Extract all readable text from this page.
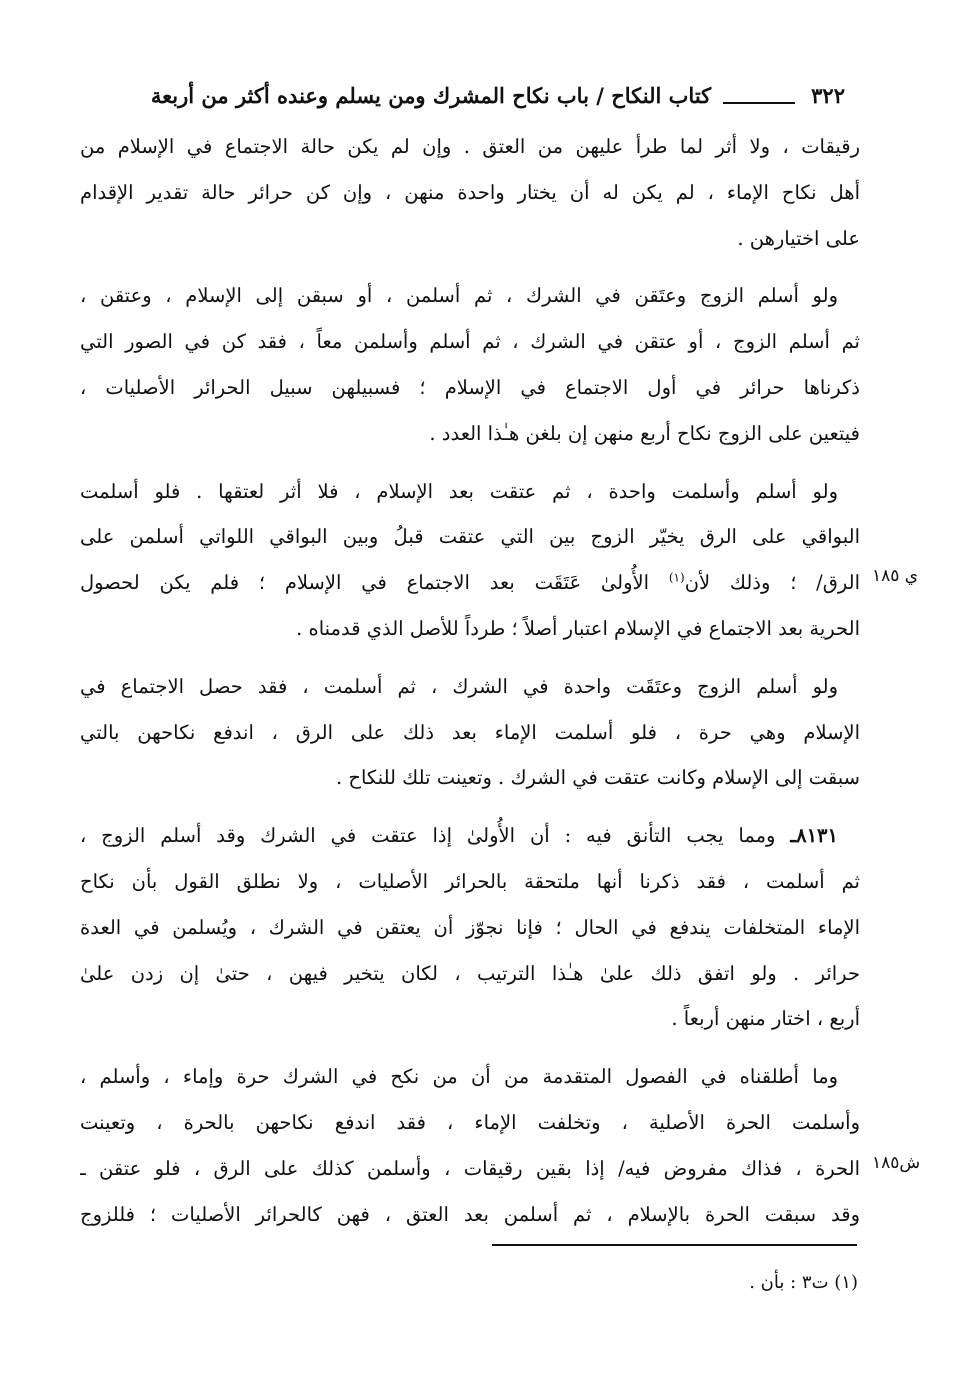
٣٢٢
كتاب النكاح / باب نكاح المشرك ومن يسلم وعنده أكثر من أربعة
رقيقات ، ولا أثر لما طرأ عليهن من العتق . وإن لم يكن حالة الاجتماع في الإسلام من
أهل نكاح الإماء ، لم يكن له أن يختار واحدة منهن ، وإن كن حرائر حالة تقدير الإقدام
على اختيارهن .
ولو أسلم الزوج وعتَقن في الشرك ، ثم أسلمن ، أو سبقن إلى الإسلام ، وعتقن ،
ثم أسلم الزوج ، أو عتقن في الشرك ، ثم أسلم وأسلمن معاً ، فقد كن في الصور التي
ذكرناها حرائر في أول الاجتماع في الإسلام ؛ فسبيلهن سبيل الحرائر الأصليات ،
فيتعين على الزوج نكاح أربع منهن إن بلغن هـٰذا العدد .
ولو أسلم وأسلمت واحدة ، ثم عتقت بعد الإسلام ، فلا أثر لعتقها . فلو أسلمت
البواقي على الرق يخيّر الزوج بين التي عتقت قبلُ وبين البواقي اللواتي أسلمن على
الرق/ ؛ وذلك لأن$^{(١)}$ الأُولىٰ عَتَقَت بعد الاجتماع في الإسلام ؛ فلم يكن لحصول
الحرية بعد الاجتماع في الإسلام اعتبار أصلاً ؛ طرداً للأصل الذي قدمناه .
ولو أسلم الزوج وعتَقَت واحدة في الشرك ، ثم أسلمت ، فقد حصل الاجتماع في
الإسلام وهي حرة ، فلو أسلمت الإماء بعد ذلك على الرق ، اندفع نكاحهن بالتي
سبقت إلى الإسلام وكانت عتقت في الشرك . وتعينت تلك للنكاح .
٨١٣١ـ ومما يجب التأنق فيه : أن الأُولىٰ إذا عتقت في الشرك وقد أسلم الزوج ،
ثم أسلمت ، فقد ذكرنا أنها ملتحقة بالحرائر الأصليات ، ولا نطلق القول بأن نكاح
الإماء المتخلفات يندفع في الحال ؛ فإنا نجوّز أن يعتقن في الشرك ، ويُسلمن في العدة
حرائر . ولو اتفق ذلك علىٰ هـٰذا الترتيب ، لكان يتخير فيهن ، حتىٰ إن زدن علىٰ
أربع ، اختار منهن أربعاً .
وما أطلقناه في الفصول المتقدمة من أن من نكح في الشرك حرة وإماء ، وأسلم ،
وأسلمت الحرة الأصلية ، وتخلفت الإماء ، فقد اندفع نكاحهن بالحرة ، وتعينت
الحرة ، فذاك مفروض فيه/ إذا بقين رقيقات ، وأسلمن كذلك على الرق ، فلو عتقن ـ
وقد سبقت الحرة بالإسلام ، ثم أسلمن بعد العتق ، فهن كالحرائر الأصليات ؛ فللزوج
ي ١٨٥
ش١٨٥
(١) ت٣ : بأن .
